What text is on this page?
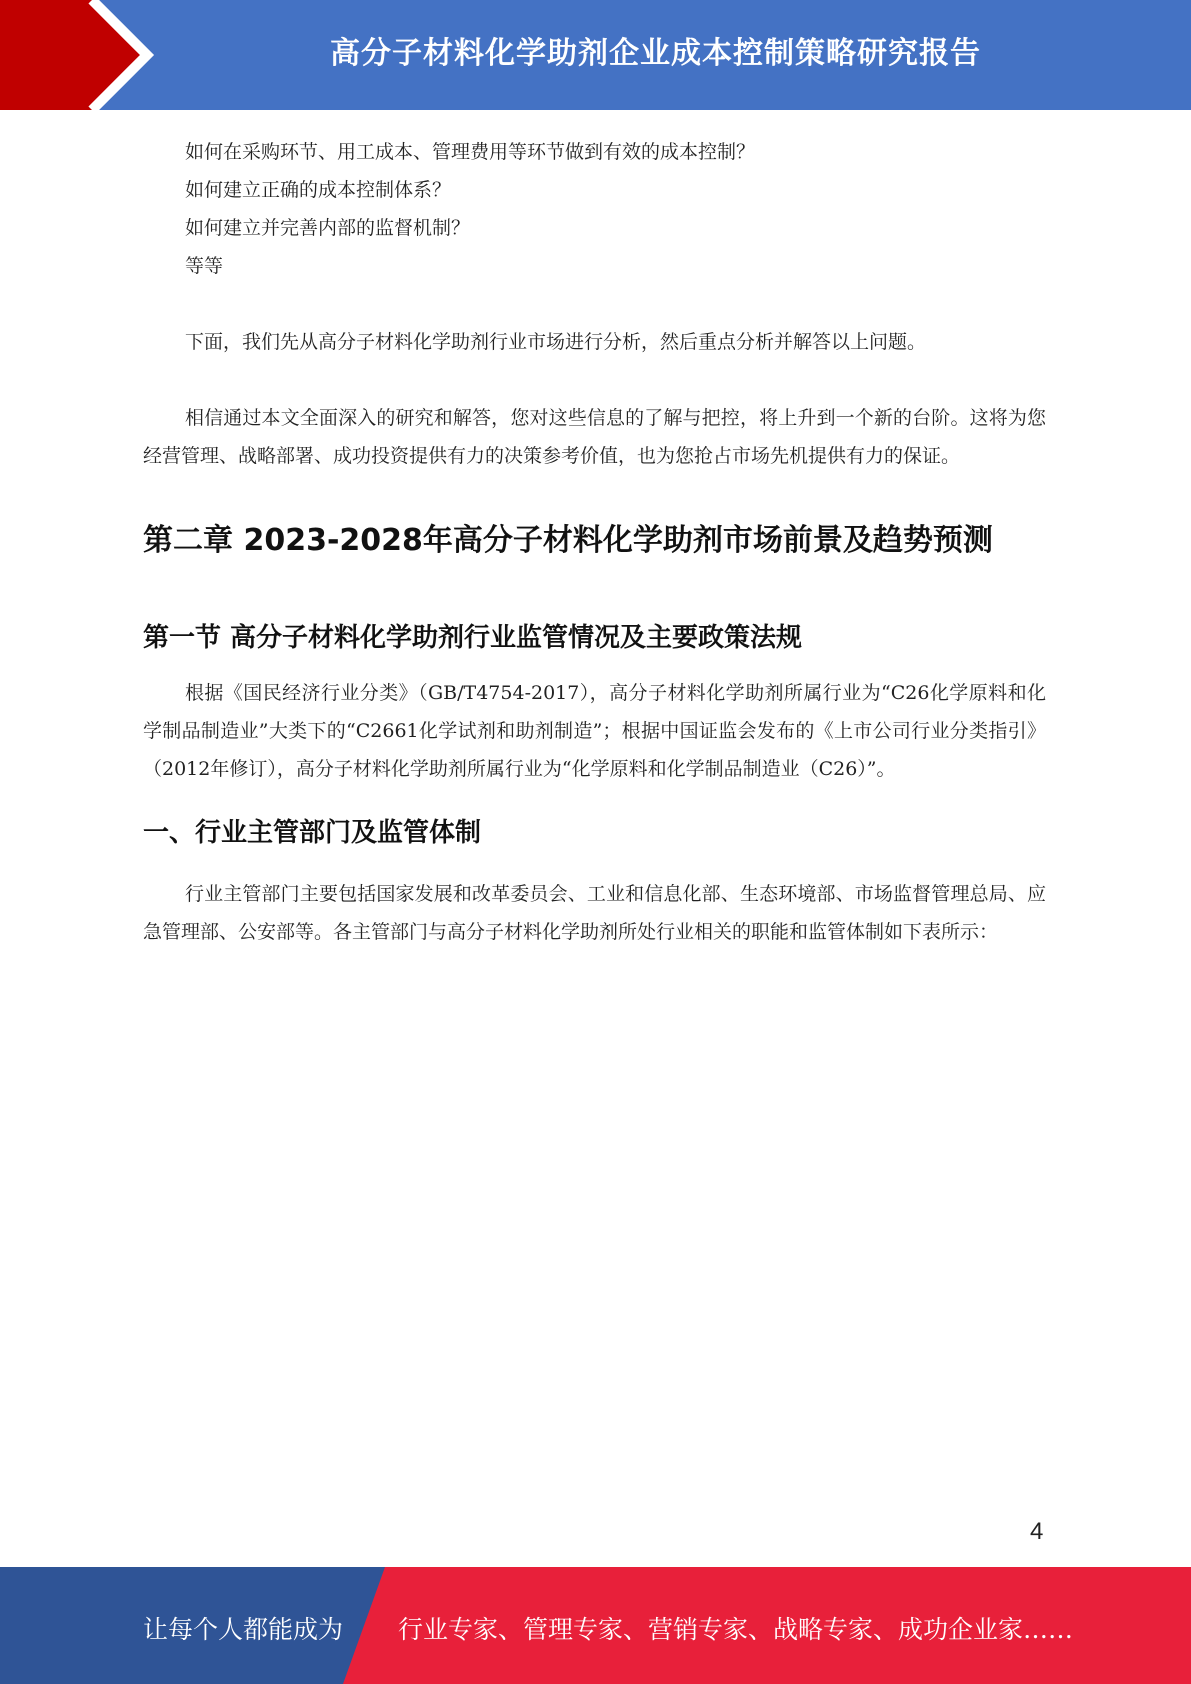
高分子材料化学助剂企业成本控制策略研究报告

如何在采购环节、用工成本、管理费用等环节做到有效的成本控制？

如何建立正确的成本控制体系？

如何建立并完善内部的监督机制？

等等

下面，我们先从高分子材料化学助剂行业市场进行分析，然后重点分析并解答以上问题。

相信通过本文全面深入的研究和解答，您对这些信息的了解与把控，将上升到一个新的台阶。这将为您经营管理、战略部署、成功投资提供有力的决策参考价值，也为您抢占市场先机提供有力的保证。

第二章 2023-2028年高分子材料化学助剂市场前景及趋势预测
第一节 高分子材料化学助剂行业监管情况及主要政策法规

根据《国民经济行业分类》（GB/T4754-2017），高分子材料化学助剂所属行业为“C26化学原料和化学制品制造业”大类下的“C2661化学试剂和助剂制造”；根据中国证监会发布的《上市公司行业分类指引》（2012年修订），高分子材料化学助剂所属行业为“化学原料和化学制品制造业（C26）”。

一、行业主管部门及监管体制

行业主管部门主要包括国家发展和改革委员会、工业和信息化部、生态环境部、市场监督管理总局、应急管理部、公安部等。各主管部门与高分子材料化学助剂所处行业相关的职能和监管体制如下表所示：

4
让每个人都能成为 行业专家、管理专家、营销专家、战略专家、成功企业家……
